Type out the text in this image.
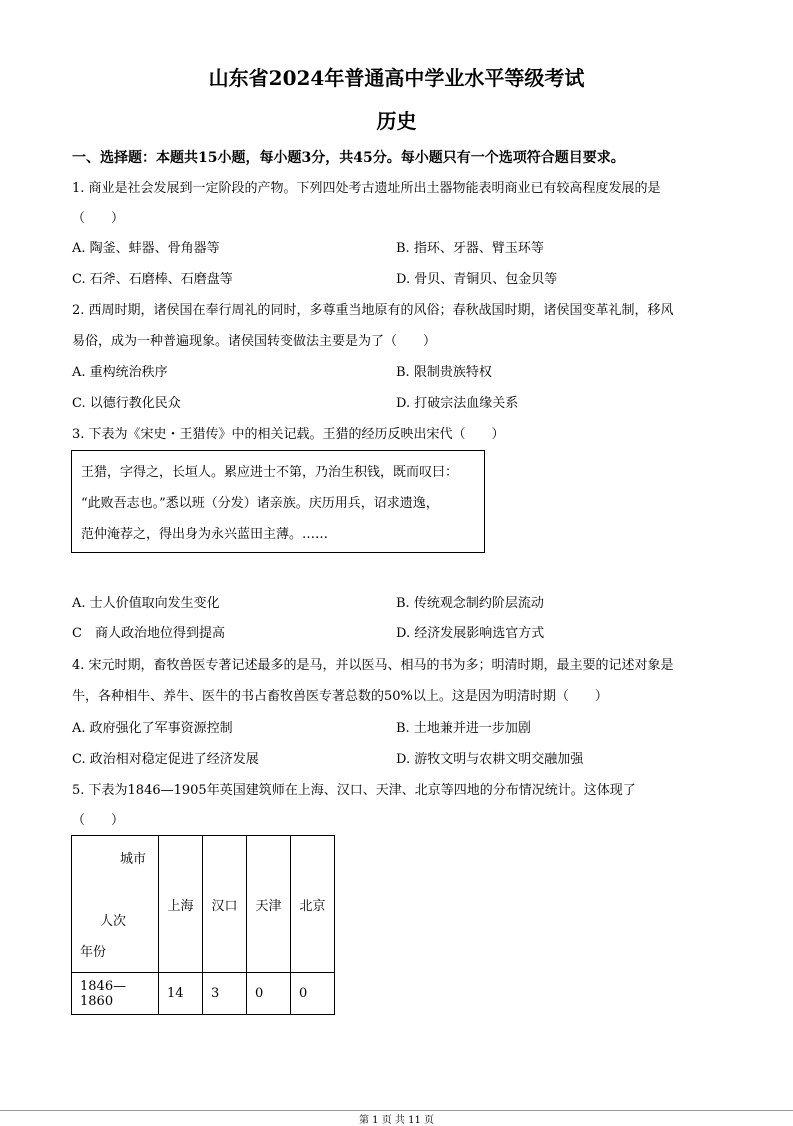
山东省2024年普通高中学业水平等级考试
历史
一、选择题：本题共15小题，每小题3分，共45分。每小题只有一个选项符合题目要求。
1. 商业是社会发展到一定阶段的产物。下列四处考古遗址所出土器物能表明商业已有较高程度发展的是
（　　）
A. 陶釜、蚌器、骨角器等	B. 指环、牙器、臂玉环等
C. 石斧、石磨棒、石磨盘等	D. 骨贝、青铜贝、包金贝等
2. 西周时期，诸侯国在奉行周礼的同时，多尊重当地原有的风俗；春秋战国时期，诸侯国变革礼制，移风
易俗，成为一种普遍现象。诸侯国转变做法主要是为了（　　）
A. 重构统治秩序	B. 限制贵族特权
C. 以德行教化民众	D. 打破宗法血缘关系
3. 下表为《宋史・王猎传》中的相关记载。王猎的经历反映出宋代（　　）
王猎，字得之，长垣人。累应进士不第，乃治生积钱，既而叹曰：
“此败吾志也。”悉以班（分发）诸亲族。庆历用兵，诏求遗逸，
范仲淹荐之，得出身为永兴蓝田主薄。……
A. 士人价值取向发生变化	B. 传统观念制约阶层流动
C　商人政治地位得到提高	D. 经济发展影响选官方式
4. 宋元时期，畜牧兽医专著记述最多的是马，并以医马、相马的书为多；明清时期，最主要的记述对象是
牛，各种相牛、养牛、医牛的书占畜牧兽医专著总数的50%以上。这是因为明清时期（　　）
A. 政府强化了军事资源控制	B. 土地兼并进一步加剧
C. 政治相对稳定促进了经济发展	D. 游牧文明与农耕文明交融加强
5. 下表为1846—1905年英国建筑师在上海、汉口、天津、北京等四地的分布情况统计。这体现了
（　　）
城市
人次
年份	上海	汉口	天津	北京
1846—1860	14	3	0	0
第 1 页 共 11 页
